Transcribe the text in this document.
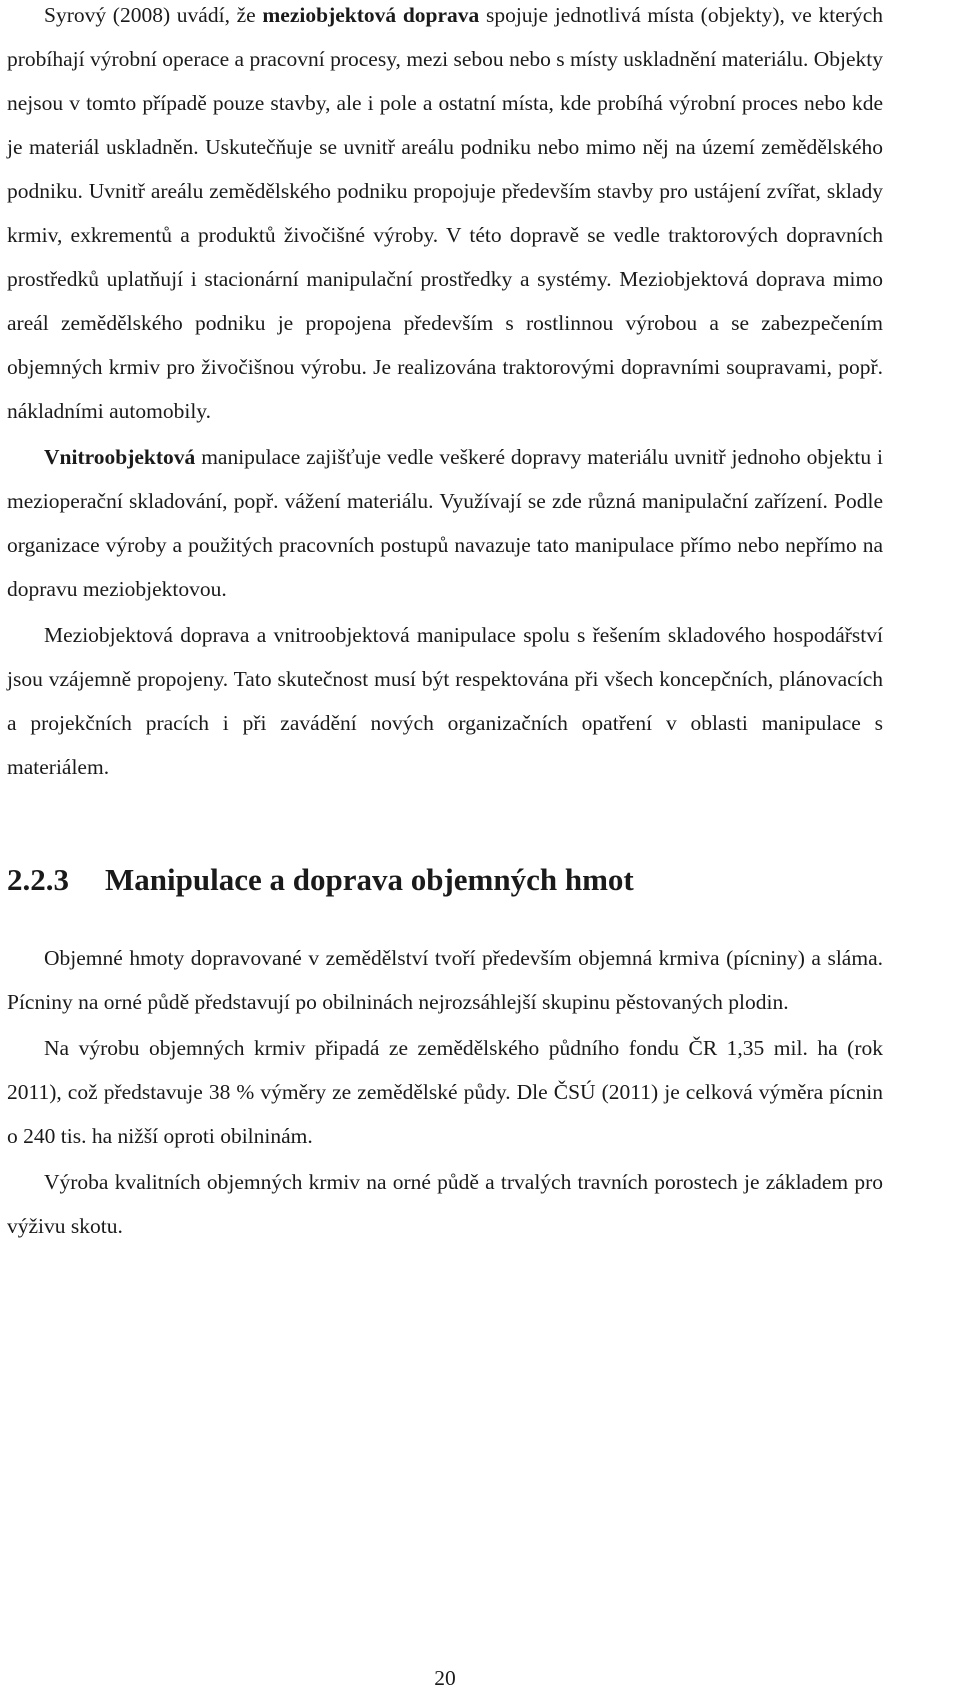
Syrový (2008) uvádí, že meziobjektová doprava spojuje jednotlivá místa (objekty), ve kterých probíhají výrobní operace a pracovní procesy, mezi sebou nebo s místy uskladnění materiálu. Objekty nejsou v tomto případě pouze stavby, ale i pole a ostatní místa, kde probíhá výrobní proces nebo kde je materiál uskladněn. Uskutečňuje se uvnitř areálu podniku nebo mimo něj na území zemědělského podniku. Uvnitř areálu zemědělského podniku propojuje především stavby pro ustájení zvířat, sklady krmiv, exkrementů a produktů živočišné výroby. V této dopravě se vedle traktorových dopravních prostředků uplatňují i stacionární manipulační prostředky a systémy. Meziobjektová doprava mimo areál zemědělského podniku je propojena především s rostlinnou výrobou a se zabezpečením objemných krmiv pro živočišnou výrobu. Je realizována traktorovými dopravními soupravami, popř. nákladními automobily.

Vnitroobjektová manipulace zajišťuje vedle veškeré dopravy materiálu uvnitř jednoho objektu i mezioperační skladování, popř. vážení materiálu. Využívají se zde různá manipulační zařízení. Podle organizace výroby a použitých pracovních postupů navazuje tato manipulace přímo nebo nepřímo na dopravu meziobjektovou.

Meziobjektová doprava a vnitroobjektová manipulace spolu s řešením skladového hospodářství jsou vzájemně propojeny. Tato skutečnost musí být respektována při všech koncepčních, plánovacích a projekčních pracích i při zavádění nových organizačních opatření v oblasti manipulace s materiálem.

2.2.3	Manipulace a doprava objemných hmot

Objemné hmoty dopravované v zemědělství tvoří především objemná krmiva (pícniny) a sláma. Pícniny na orné půdě představují po obilninách nejrozsáhlejší skupinu pěstovaných plodin.

Na výrobu objemných krmiv připadá ze zemědělského půdního fondu ČR 1,35 mil. ha (rok 2011), což představuje 38 % výměry ze zemědělské půdy. Dle ČSÚ (2011) je celková výměra pícnin o 240 tis. ha nižší oproti obilninám.

Výroba kvalitních objemných krmiv na orné půdě a trvalých travních porostech je základem pro výživu skotu.

20
